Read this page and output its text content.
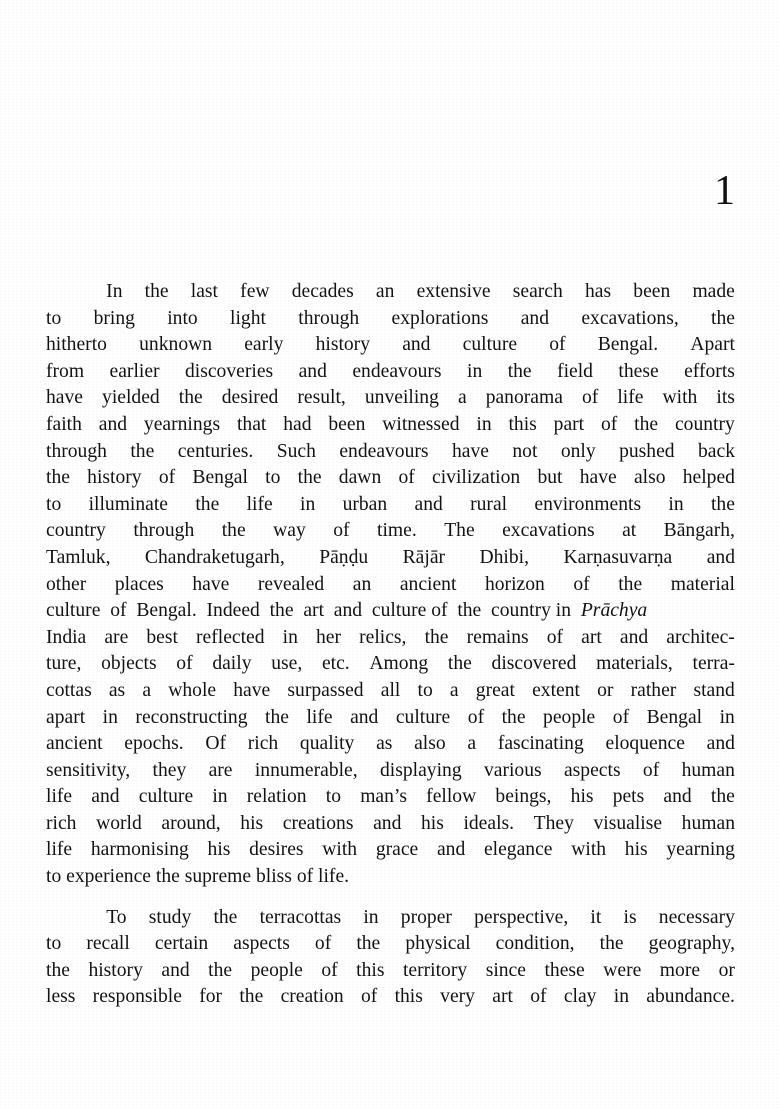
1

In the last few decades an extensive search has been made
to bring into light through explorations and excavations, the
hitherto unknown early history and culture of Bengal. Apart
from earlier discoveries and endeavours in the field these efforts
have yielded the desired result, unveiling a panorama of life with its
faith and yearnings that had been witnessed in this part of the country
through the centuries. Such endeavours have not only pushed back
the history of Bengal to the dawn of civilization but have also helped
to illuminate the life in urban and rural environments in the
country through the way of time. The excavations at Bāngarh,
Tamluk, Chandraketugarh, Pāṇḍu Rājār Dhibi, Karṇasuvarṇa and
other places have revealed an ancient horizon of the material
culture  of  Bengal.  Indeed  the  art  and  culture of  the  country in  Prāchya
India are best reflected in her relics, the remains of art and architec-
ture, objects of daily use, etc. Among the discovered materials, terra-
cottas as a whole have surpassed all to a great extent or rather stand
apart in reconstructing the life and culture of the people of Bengal in
ancient epochs. Of rich quality as also a fascinating eloquence and
sensitivity, they are innumerable, displaying various aspects of human
life and culture in relation to man’s fellow beings, his pets and the
rich world around, his creations and his ideals. They visualise human
life harmonising his desires with grace and elegance with his yearning
to experience the supreme bliss of life.

To study the terracottas in proper perspective, it is necessary
to recall certain aspects of the physical condition, the geography,
the history and the people of this territory since these were more or
less responsible for the creation of this very art of clay in abundance.
